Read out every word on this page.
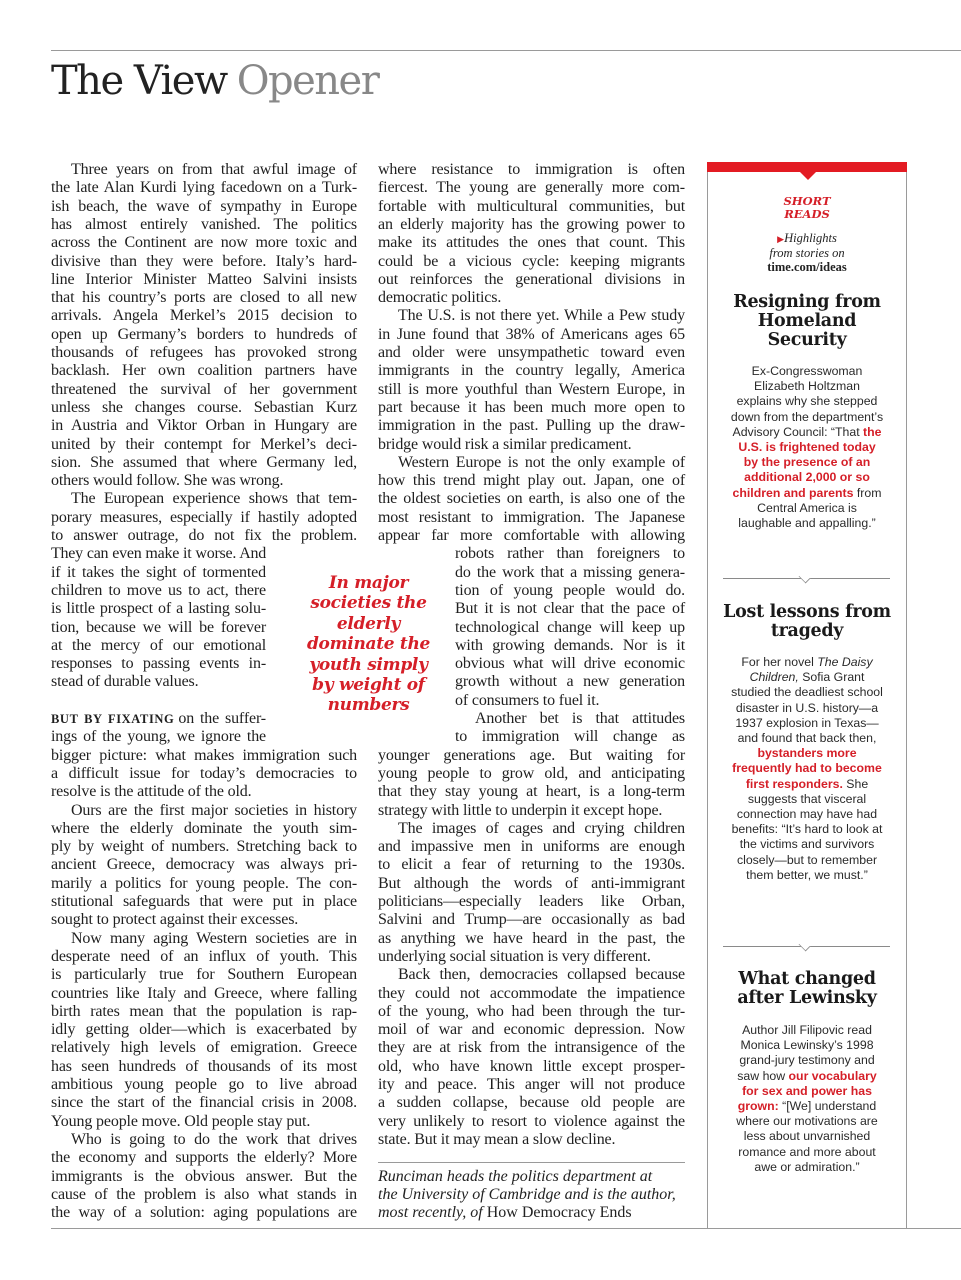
The View Opener
Three years on from that awful image of
the late Alan Kurdi lying facedown on a Turk-
ish beach, the wave of sympathy in Europe
has almost entirely vanished. The politics
across the Continent are now more toxic and
divisive than they were before. Italy’s hard-
line Interior Minister Matteo Salvini insists
that his country’s ports are closed to all new
arrivals. Angela Merkel’s 2015 decision to
open up Germany’s borders to hundreds of
thousands of refugees has provoked strong
backlash. Her own coalition partners have
threatened the survival of her government
unless she changes course. Sebastian Kurz
in Austria and Viktor Orban in Hungary are
united by their contempt for Merkel’s deci-
sion. She assumed that where Germany led,
others would follow. She was wrong.
The European experience shows that tem-
porary measures, especially if hastily adopted
to answer outrage, do not fix the problem.
They can even make it worse. And
if it takes the sight of tormented
children to move us to act, there
is little prospect of a lasting solu-
tion, because we will be forever
at the mercy of our emotional
responses to passing events in-
stead of durable values.
BUT BY FIXATING on the suffer-
ings of the young, we ignore the
bigger picture: what makes immigration such
a difficult issue for today’s democracies to
resolve is the attitude of the old.
Ours are the first major societies in history
where the elderly dominate the youth sim-
ply by weight of numbers. Stretching back to
ancient Greece, democracy was always pri-
marily a politics for young people. The con-
stitutional safeguards that were put in place
sought to protect against their excesses.
Now many aging Western societies are in
desperate need of an influx of youth. This
is particularly true for Southern European
countries like Italy and Greece, where falling
birth rates mean that the population is rap-
idly getting older—which is exacerbated by
relatively high levels of emigration. Greece
has seen hundreds of thousands of its most
ambitious young people go to live abroad
since the start of the financial crisis in 2008.
Young people move. Old people stay put.
Who is going to do the work that drives
the economy and supports the elderly? More
immigrants is the obvious answer. But the
cause of the problem is also what stands in
the way of a solution: aging populations are
where resistance to immigration is often
fiercest. The young are generally more com-
fortable with multicultural communities, but
an elderly majority has the growing power to
make its attitudes the ones that count. This
could be a vicious cycle: keeping migrants
out reinforces the generational divisions in
democratic politics.
The U.S. is not there yet. While a Pew study
in June found that 38% of Americans ages 65
and older were unsympathetic toward even
immigrants in the country legally, America
still is more youthful than Western Europe, in
part because it has been much more open to
immigration in the past. Pulling up the draw-
bridge would risk a similar predicament.
Western Europe is not the only example of
how this trend might play out. Japan, one of
the oldest societies on earth, is also one of the
most resistant to immigration. The Japanese
appear far more comfortable with allowing
robots rather than foreigners to
do the work that a missing genera-
tion of young people would do.
But it is not clear that the pace of
technological change will keep up
with growing demands. Nor is it
obvious what will drive economic
growth without a new generation
of consumers to fuel it.
Another bet is that attitudes
to immigration will change as
younger generations age. But waiting for
young people to grow old, and anticipating
that they stay young at heart, is a long-term
strategy with little to underpin it except hope.
The images of cages and crying children
and impassive men in uniforms are enough
to elicit a fear of returning to the 1930s.
But although the words of anti-immigrant
politicians—especially leaders like Orban,
Salvini and Trump—are occasionally as bad
as anything we have heard in the past, the
underlying social situation is very different.
Back then, democracies collapsed because
they could not accommodate the impatience
of the young, who had been through the tur-
moil of war and economic depression. Now
they are at risk from the intransigence of the
old, who have known little except prosper-
ity and peace. This anger will not produce
a sudden collapse, because old people are
very unlikely to resort to violence against the
state. But it may mean a slow decline.
In major societies the elderly dominate the youth simply by weight of numbers
Runciman heads the politics department at
the University of Cambridge and is the author,
most recently, of How Democracy Ends
SHORT READS
▶Highlights
from stories on
time.com/ideas
Resigning from Homeland Security
Ex-Congresswoman Elizabeth Holtzman explains why she stepped down from the department’s Advisory Council: “That the U.S. is frightened today by the presence of an additional 2,000 or so children and parents from Central America is laughable and appalling.”
Lost lessons from tragedy
For her novel The Daisy Children, Sofia Grant studied the deadliest school disaster in U.S. history—a 1937 explosion in Texas—and found that back then, bystanders more frequently had to become first responders. She suggests that visceral connection may have had benefits: “It’s hard to look at the victims and survivors closely—but to remember them better, we must.”
What changed after Lewinsky
Author Jill Filipovic read Monica Lewinsky’s 1998 grand-jury testimony and saw how our vocabulary for sex and power has grown: “[We] understand where our motivations are less about unvarnished romance and more about awe or admiration.”
